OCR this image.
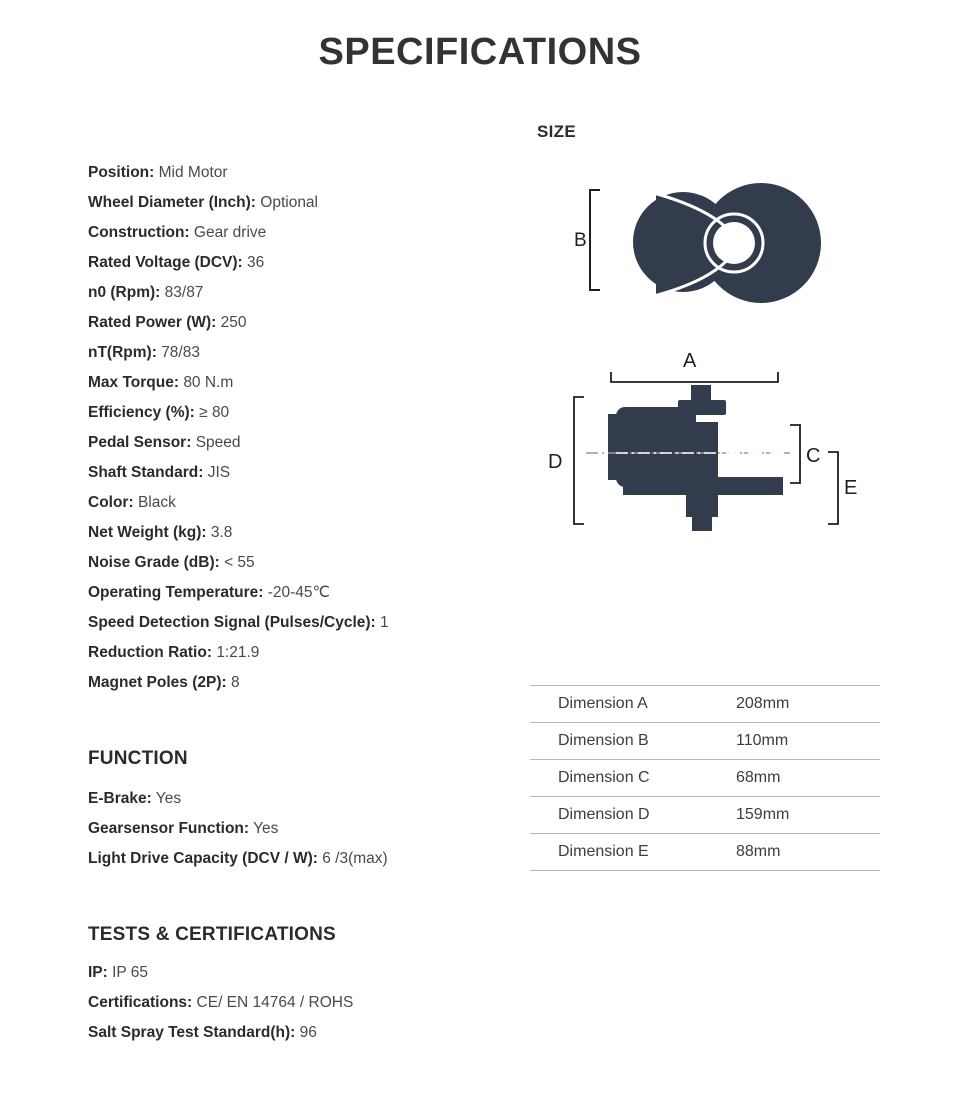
SPECIFICATIONS
Position: Mid Motor
Wheel Diameter (Inch): Optional
Construction: Gear drive
Rated Voltage (DCV): 36
n0 (Rpm): 83/87
Rated Power (W): 250
nT(Rpm): 78/83
Max Torque: 80 N.m
Efficiency (%): ≥ 80
Pedal Sensor: Speed
Shaft Standard: JIS
Color: Black
Net Weight (kg): 3.8
Noise Grade (dB): < 55
Operating Temperature: -20-45℃
Speed Detection Signal (Pulses/Cycle): 1
Reduction Ratio: 1:21.9
Magnet Poles (2P): 8
FUNCTION
E-Brake: Yes
Gearsensor Function: Yes
Light Drive Capacity (DCV / W): 6 /3(max)
TESTS & CERTIFICATIONS
IP: IP 65
Certifications: CE/ EN 14764 / ROHS
Salt Spray Test Standard(h): 96
SIZE
B
A
D	C
E
Dimension A	208mm
Dimension B	110mm
Dimension C	68mm
Dimension D	159mm
Dimension E	88mm
